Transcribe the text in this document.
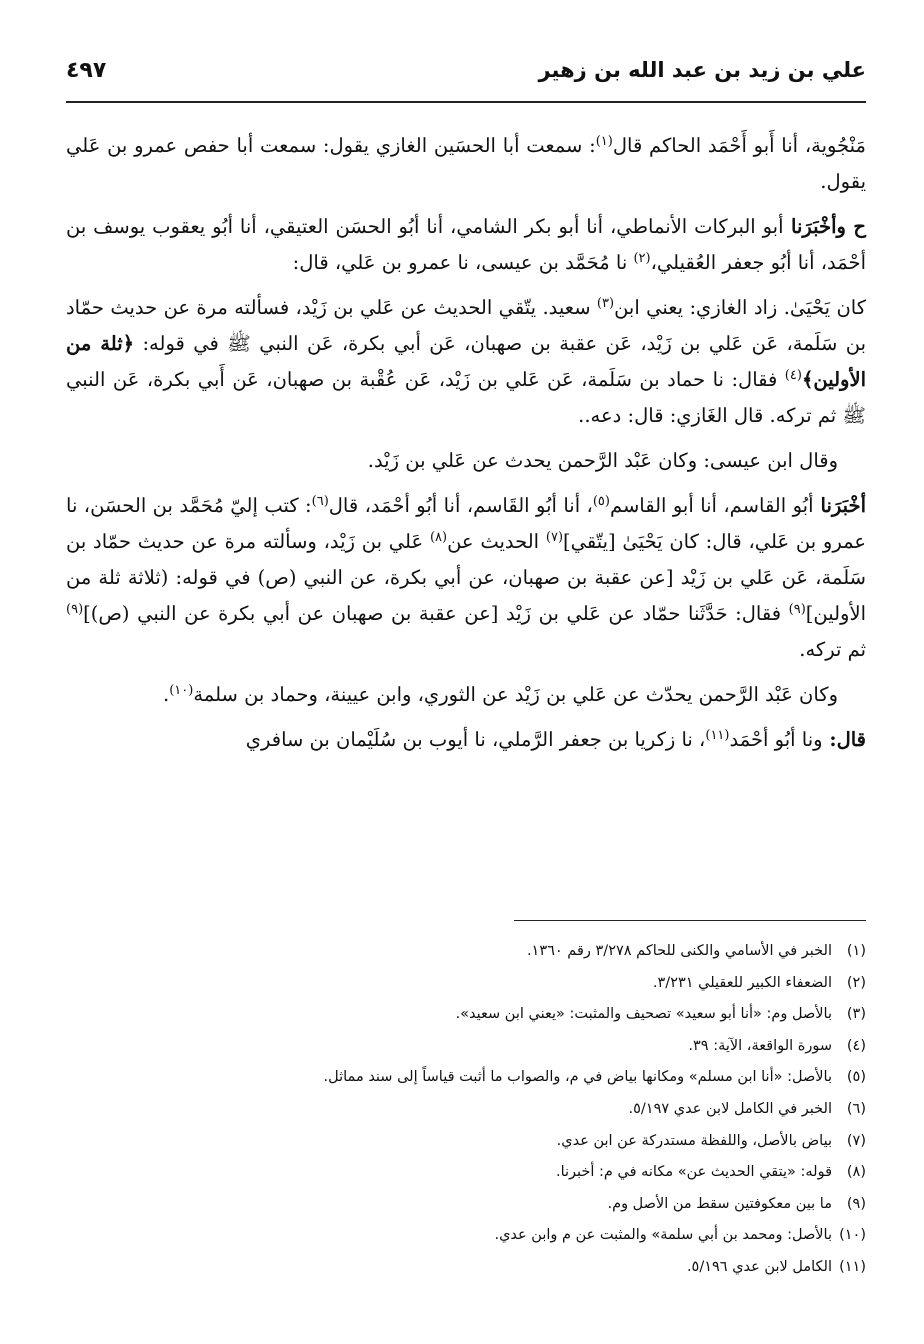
علي بن زيد بن عبد الله بن زهير
٤٩٧

مَنْجُوية، أنا أَبو أَحْمَد الحاكم قال$^{(١)}$: سمعت أبا الحسَين الغازي يقول: سمعت أبا حفص عمرو بن عَلي يقول.

ح وأخْبَرَنا أبو البركات الأنماطي، أنا أبو بكر الشامي، أنا أبُو الحسَن العتيقي، أنا أبُو يعقوب يوسف بن أحْمَد، أنا أبُو جعفر العُقيلي،$^{(٢)}$ نا مُحَمَّد بن عيسى، نا عمرو بن عَلي، قال:

كان يَحْيَىٰ. زاد الغازي: يعني ابن$^{(٣)}$ سعيد. يتّقي الحديث عن عَلي بن زَيْد، فسألته مرة عن حديث حمّاد بن سَلَمة، عَن عَلي بن زَيْد، عَن عقبة بن صهبان، عَن أبي بكرة، عَن النبي ﷺ في قوله: ﴿ثلة من الأولين﴾$^{(٤)}$ فقال: نا حماد بن سَلَمة، عَن عَلي بن زَيْد، عَن عُقْبة بن صهبان، عَن أَبي بكرة، عَن النبي ﷺ ثم تركه. قال الغَازي: قال: دعه..

وقال ابن عيسى: وكان عَبْد الرَّحمن يحدث عن عَلي بن زَيْد.

أخْبَرَنا أبُو القاسم، أنا أبو القاسم$^{(٥)}$، أنا أبُو القَاسم، أنا أبُو أحْمَد، قال$^{(٦)}$: كتب إليّ مُحَمَّد بن الحسَن، نا عمرو بن عَلي، قال: كان يَحْيَىٰ [يتّقي]$^{(٧)}$ الحديث عن$^{(٨)}$ عَلي بن زَيْد، وسألته مرة عن حديث حمّاد بن سَلَمة، عَن عَلي بن زَيْد [عن عقبة بن صهبان، عن أبي بكرة، عن النبي (ص) في قوله: (ثلاثة ثلة من الأولين]$^{(٩)}$ فقال: حَدَّثَنا حمّاد عن عَلي بن زَيْد [عن عقبة بن صهبان عن أبي بكرة عن النبي (ص)]$^{(٩)}$ ثم تركه.

وكان عَبْد الرَّحمن يحدّث عن عَلي بن زَيْد عن الثوري، وابن عيينة، وحماد بن سلمة$^{(١٠)}$.

قال: ونا أبُو أحْمَد$^{(١١)}$، نا زكريا بن جعفر الرَّملي، نا أيوب بن سُلَيْمان بن سافري

(١)الخبر في الأسامي والكنى للحاكم ٣/٢٧٨ رقم ١٣٦٠.
(٢)الضعفاء الكبير للعقيلي ٣/٢٣١.
(٣)بالأصل وم: «أنا أبو سعيد» تصحيف والمثبت: «يعني ابن سعيد».
(٤)سورة الواقعة، الآية: ٣٩.
(٥)بالأصل: «أنا ابن مسلم» ومكانها بياض في م، والصواب ما أثبت قياساً إلى سند مماثل.
(٦)الخبر في الكامل لابن عدي ٥/١٩٧.
(٧)بياض بالأصل، واللفظة مستدركة عن ابن عدي.
(٨)قوله: «يتقي الحديث عن» مكانه في م: أخبرنا.
(٩)ما بين معكوفتين سقط من الأصل وم.
(١٠)بالأصل: ومحمد بن أبي سلمة» والمثبت عن م وابن عدي.
(١١)الكامل لابن عدي ٥/١٩٦.
